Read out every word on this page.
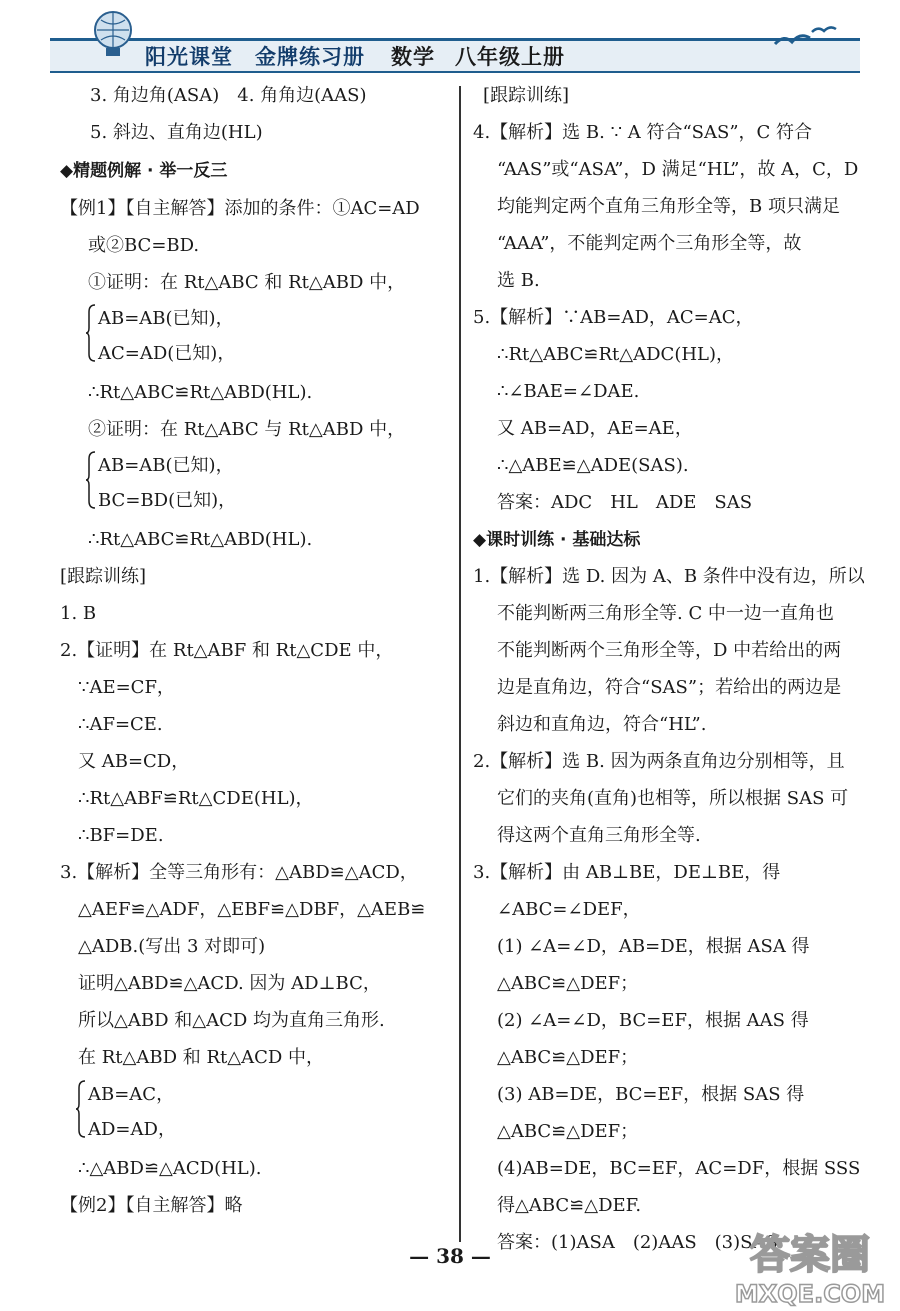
阳光课堂 金牌练习册 数学 八年级上册
3. 角边角(ASA)　4. 角角边(AAS)
5. 斜边、直角边(HL)
◆精题例解 · 举一反三
【例1】【自主解答】添加的条件：①AC=AD
或②BC=BD.
①证明：在 Rt△ABC 和 Rt△ABD 中，
AB=AB(已知)，
AC=AD(已知)，
∴Rt△ABC≌Rt△ABD(HL).
②证明：在 Rt△ABC 与 Rt△ABD 中，
AB=AB(已知)，
BC=BD(已知)，
∴Rt△ABC≌Rt△ABD(HL).
[跟踪训练]
1. B
2.【证明】在 Rt△ABF 和 Rt△CDE 中，
∵AE=CF，
∴AF=CE.
又 AB=CD，
∴Rt△ABF≌Rt△CDE(HL)，
∴BF=DE.
3.【解析】全等三角形有：△ABD≌△ACD，
△AEF≌△ADF，△EBF≌△DBF，△AEB≌
△ADB.(写出 3 对即可)
证明△ABD≌△ACD. 因为 AD⊥BC，
所以△ABD 和△ACD 均为直角三角形.
在 Rt△ABD 和 Rt△ACD 中，
AB=AC，
AD=AD，
∴△ABD≌△ACD(HL).
【例2】【自主解答】略
[跟踪训练]
4.【解析】选 B. ∵ A 符合“SAS”，C 符合
“AAS”或“ASA”，D 满足“HL”，故 A，C，D
均能判定两个直角三角形全等，B 项只满足
“AAA”，不能判定两个三角形全等，故
选 B.
5.【解析】∵AB=AD，AC=AC，
∴Rt△ABC≌Rt△ADC(HL)，
∴∠BAE=∠DAE.
又 AB=AD，AE=AE，
∴△ABE≌△ADE(SAS).
答案：ADC　HL　ADE　SAS
◆课时训练 · 基础达标
1.【解析】选 D. 因为 A、B 条件中没有边，所以
不能判断两三角形全等. C 中一边一直角也
不能判断两个三角形全等，D 中若给出的两
边是直角边，符合“SAS”；若给出的两边是
斜边和直角边，符合“HL”.
2.【解析】选 B. 因为两条直角边分别相等，且
它们的夹角(直角)也相等，所以根据 SAS 可
得这两个直角三角形全等.
3.【解析】由 AB⊥BE，DE⊥BE，得
∠ABC=∠DEF，
(1) ∠A=∠D，AB=DE，根据 ASA 得
△ABC≌△DEF；
(2) ∠A=∠D，BC=EF，根据 AAS 得
△ABC≌△DEF；
(3) AB=DE，BC=EF，根据 SAS 得
△ABC≌△DEF；
(4)AB=DE，BC=EF，AC=DF，根据 SSS
得△ABC≌△DEF.
答案：(1)ASA　(2)AAS　(3)SAS
— 38 —	答案圈
MXQE.COM
